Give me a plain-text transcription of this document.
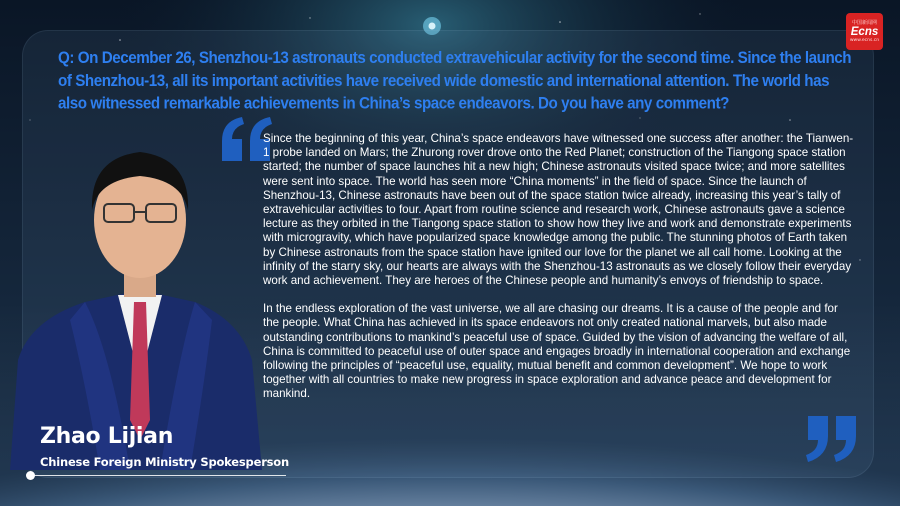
中国新闻网
Ecns
www.ecns.cn
Q: On December 26, Shenzhou-13 astronauts conducted extravehicular activity for the second time. Since the launch of Shenzhou-13, all its important activities have received wide domestic and international attention. The world has also witnessed remarkable achievements in China’s space endeavors. Do you have any comment?

Since the beginning of this year, China’s space endeavors have witnessed one success after another: the Tianwen-1 probe landed on Mars; the Zhurong rover drove onto the Red Planet; construction of the Tiangong space station started; the number of space launches hit a new high; Chinese astronauts visited space twice; and more satellites were sent into space. The world has seen more “China moments” in the field of space. Since the launch of Shenzhou-13, Chinese astronauts have been out of the space station twice already, increasing this year’s tally of extravehicular activities to four. Apart from routine science and research work, Chinese astronauts gave a science lecture as they orbited in the Tiangong space station to show how they live and work and demonstrate experiments with microgravity, which have popularized space knowledge among the public. The stunning photos of Earth taken by Chinese astronauts from the space station have ignited our love for the planet we all call home. Looking at the infinity of the starry sky, our hearts are always with the Shenzhou-13 astronauts as we closely follow their everyday work and achievement. They are heroes of the Chinese people and humanity’s envoys of friendship to space.

In the endless exploration of the vast universe, we all are chasing our dreams. It is a cause of the people and for the people. What China has achieved in its space endeavors not only created national marvels, but also made outstanding contributions to mankind’s peaceful use of space. Guided by the vision of advancing the welfare of all, China is committed to peaceful use of outer space and engages broadly in international cooperation and exchange following the principles of “peaceful use, equality, mutual benefit and common development”. We hope to work together with all countries to make new progress in space exploration and advance peace and development for mankind.

Zhao Lijian
Chinese Foreign Ministry Spokesperson
